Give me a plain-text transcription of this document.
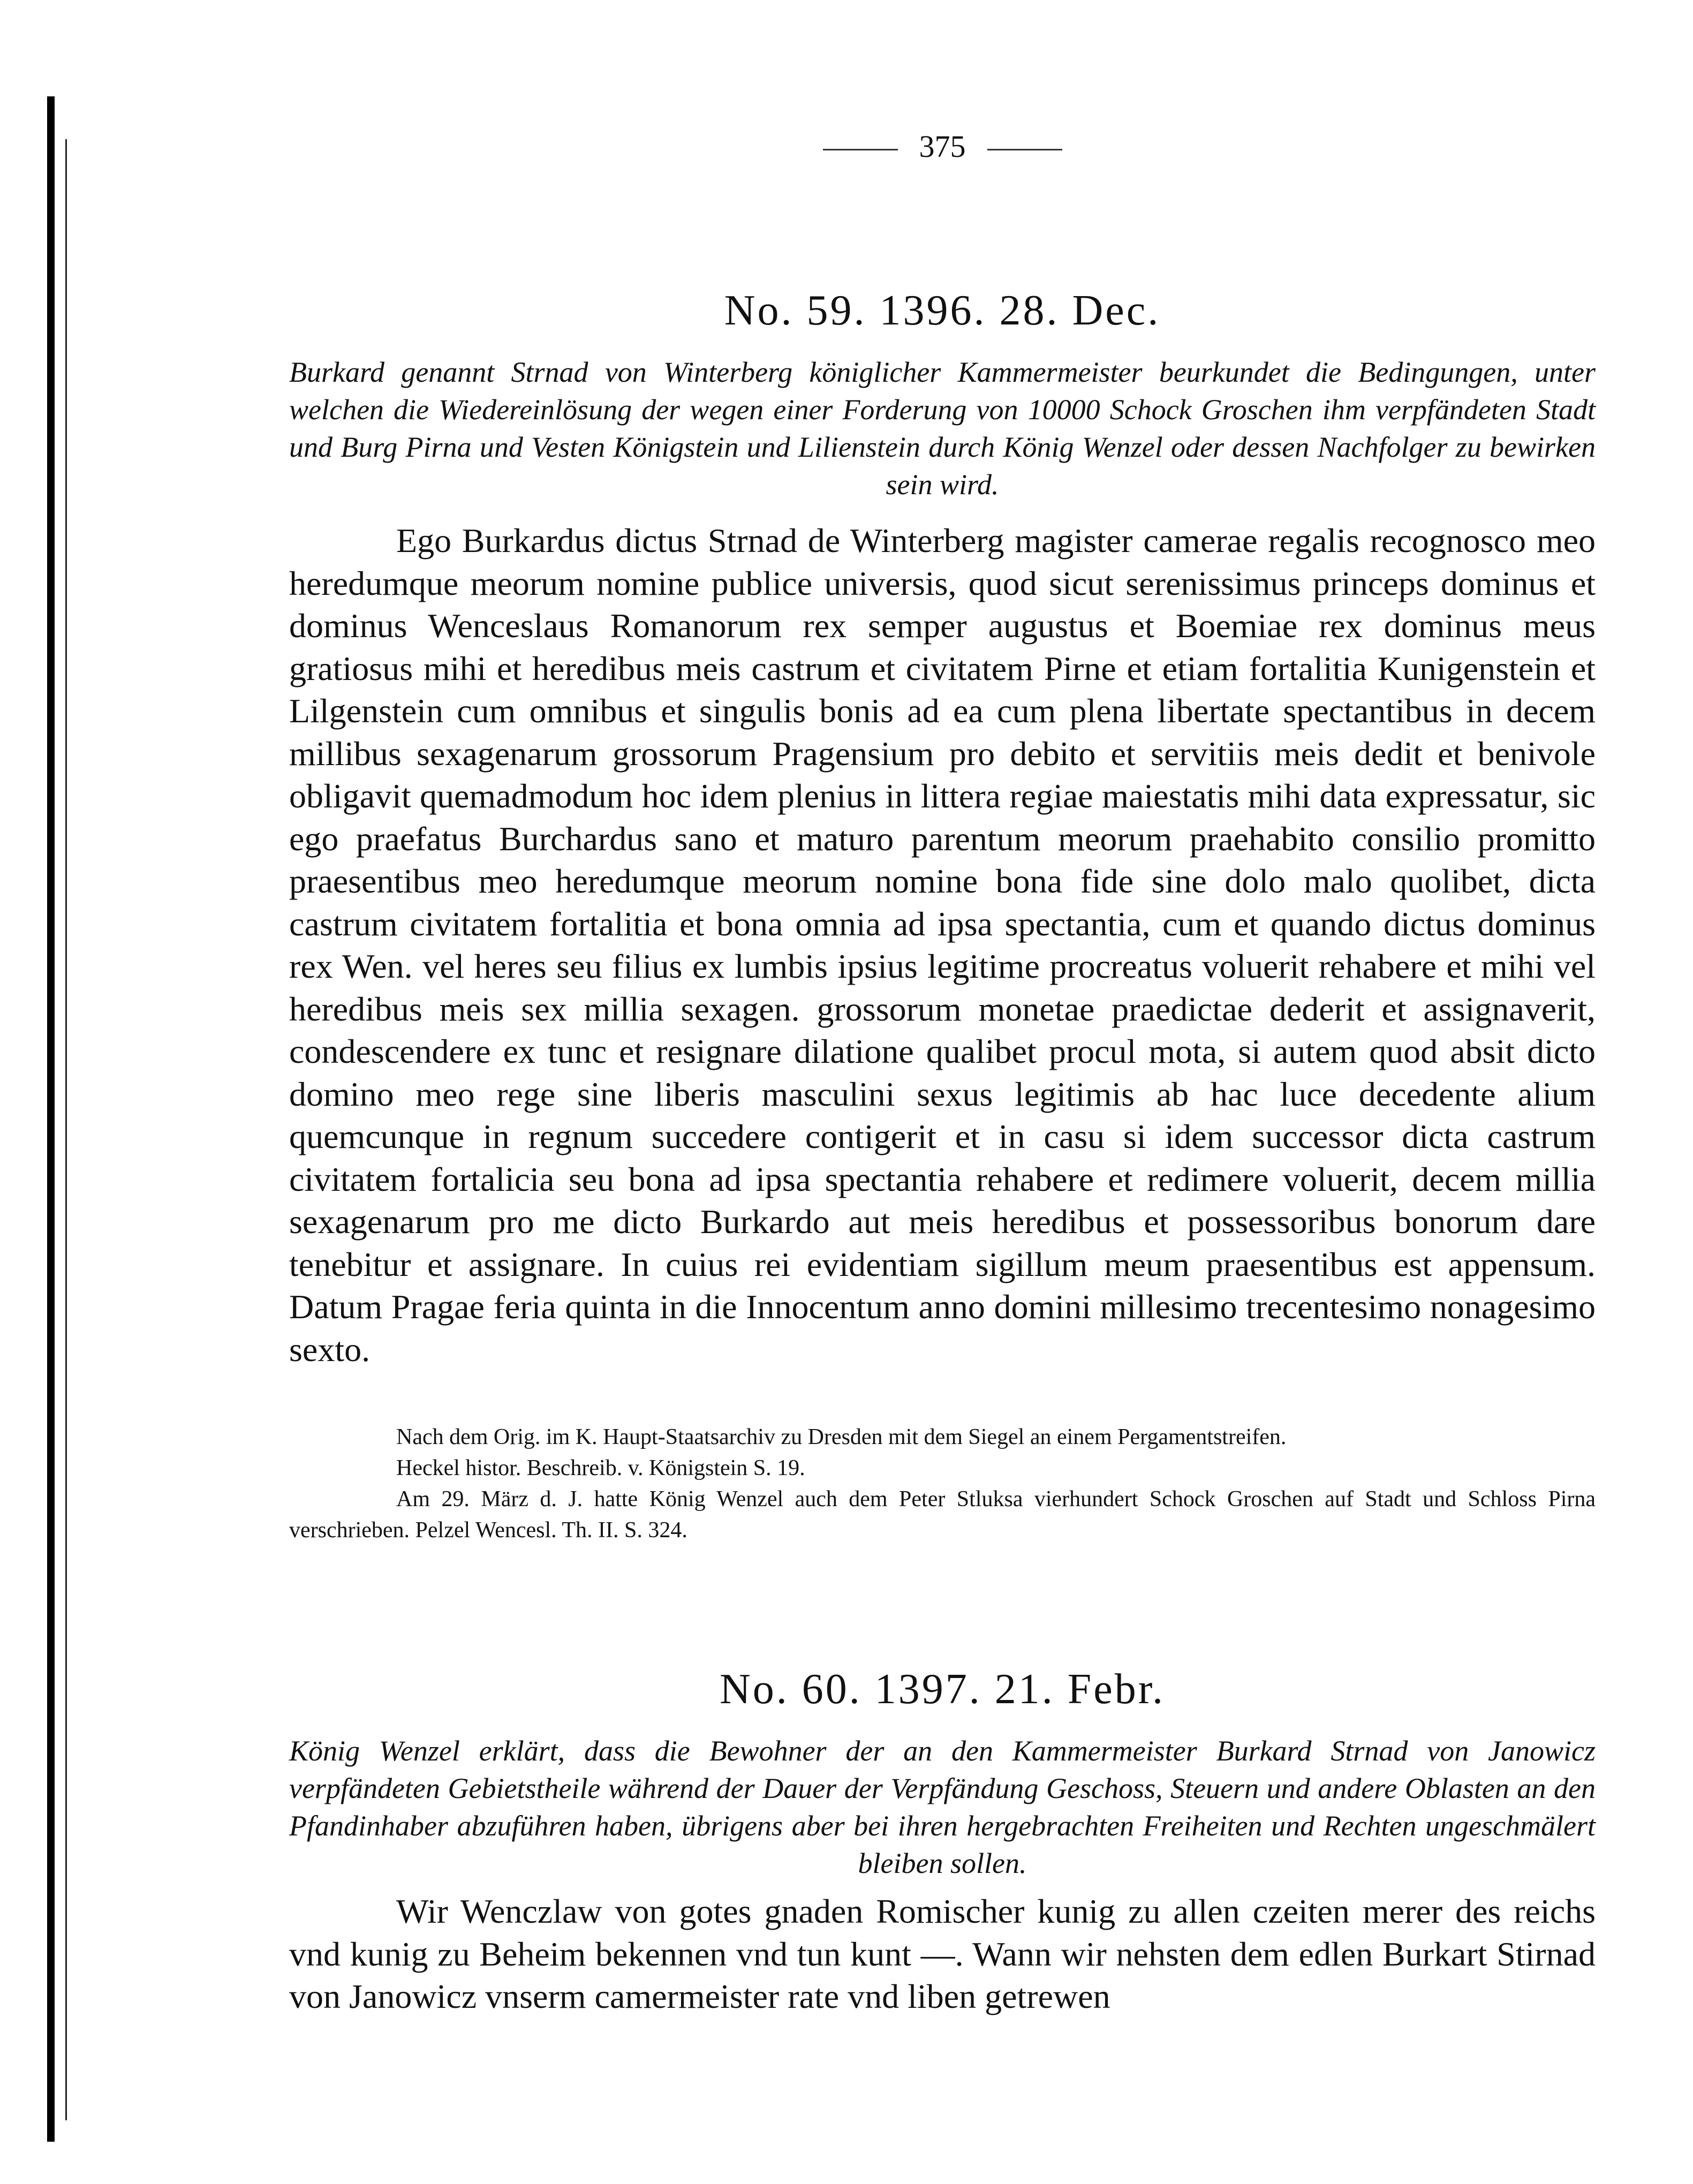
375
No. 59. 1396. 28. Dec.
Burkard genannt Strnad von Winterberg königlicher Kammermeister beurkundet die Bedingungen, unter welchen die Wiedereinlösung der wegen einer Forderung von 10000 Schock Groschen ihm verpfändeten Stadt und Burg Pirna und Vesten Königstein und Lilienstein durch König Wenzel oder dessen Nachfolger zu bewirken sein wird.
Ego Burkardus dictus Strnad de Winterberg magister camerae regalis recognosco meo heredumque meorum nomine publice universis, quod sicut serenissimus princeps dominus et dominus Wenceslaus Romanorum rex semper augustus et Boemiae rex dominus meus gratiosus mihi et heredibus meis castrum et civitatem Pirne et etiam fortalitia Kunigenstein et Lilgenstein cum omnibus et singulis bonis ad ea cum plena libertate spectantibus in decem millibus sexagenarum grossorum Pragensium pro debito et servitiis meis dedit et benivole obligavit quemadmodum hoc idem plenius in littera regiae maiestatis mihi data expressatur, sic ego praefatus Burchardus sano et maturo parentum meorum praehabito consilio promitto praesentibus meo heredumque meorum nomine bona fide sine dolo malo quolibet, dicta castrum civitatem fortalitia et bona omnia ad ipsa spectantia, cum et quando dictus dominus rex Wen. vel heres seu filius ex lumbis ipsius legitime procreatus voluerit rehabere et mihi vel heredibus meis sex millia sexagen. grossorum monetae praedictae dederit et assignaverit, condescendere ex tunc et resignare dilatione qualibet procul mota, si autem quod absit dicto domino meo rege sine liberis masculini sexus legitimis ab hac luce decedente alium quemcunque in regnum succedere contigerit et in casu si idem successor dicta castrum civitatem fortalicia seu bona ad ipsa spectantia rehabere et redimere voluerit, decem millia sexagenarum pro me dicto Burkardo aut meis heredibus et possessoribus bonorum dare tenebitur et assignare. In cuius rei evidentiam sigillum meum praesentibus est appensum. Datum Pragae feria quinta in die Innocentum anno domini millesimo trecentesimo nonagesimo sexto.

Nach dem Orig. im K. Haupt-Staatsarchiv zu Dresden mit dem Siegel an einem Pergamentstreifen.

Heckel histor. Beschreib. v. Königstein S. 19.

Am 29. März d. J. hatte König Wenzel auch dem Peter Stluksa vierhundert Schock Groschen auf Stadt und Schloss Pirna verschrieben. Pelzel Wencesl. Th. II. S. 324.

No. 60. 1397. 21. Febr.
König Wenzel erklärt, dass die Bewohner der an den Kammermeister Burkard Strnad von Janowicz verpfändeten Gebietstheile während der Dauer der Verpfändung Geschoss, Steuern und andere Oblasten an den Pfandinhaber abzuführen haben, übrigens aber bei ihren hergebrachten Freiheiten und Rechten ungeschmälert bleiben sollen.
Wir Wenczlaw von gotes gnaden Romischer kunig zu allen czeiten merer des reichs vnd kunig zu Beheim bekennen vnd tun kunt —. Wann wir nehsten dem edlen Burkart Stirnad von Janowicz vnserm camermeister rate vnd liben getrewen
